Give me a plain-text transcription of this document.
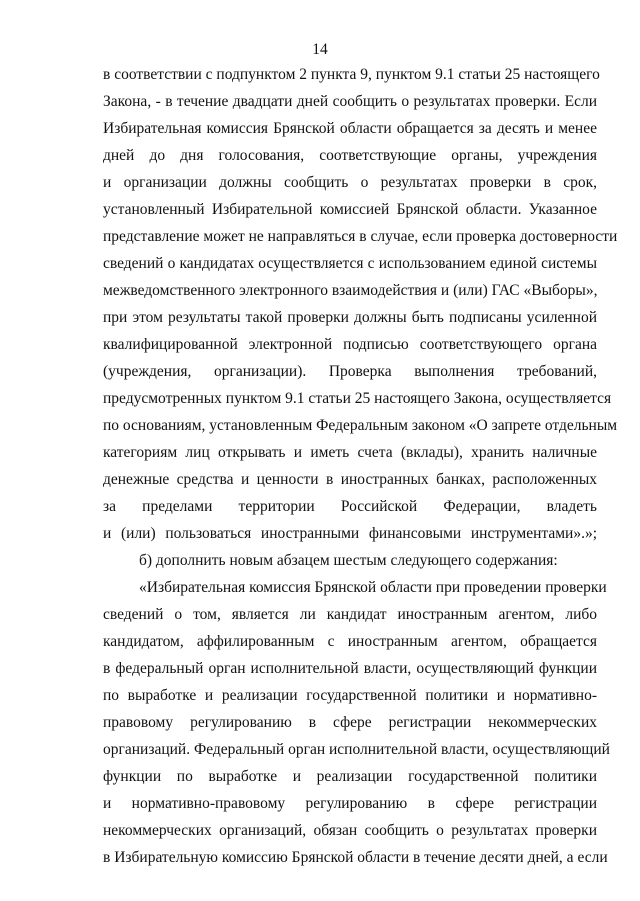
14
в соответствии с подпунктом 2 пункта 9, пунктом 9.1 статьи 25 настоящего
Закона, - в течение двадцати дней сообщить о результатах проверки. Если
Избирательная комиссия Брянской области обращается за десять и менее
дней до дня голосования, соответствующие органы, учреждения
и организации должны сообщить о результатах проверки в срок,
установленный Избирательной комиссией Брянской области. Указанное
представление может не направляться в случае, если проверка достоверности
сведений о кандидатах осуществляется с использованием единой системы
межведомственного электронного взаимодействия и (или) ГАС «Выборы»,
при этом результаты такой проверки должны быть подписаны усиленной
квалифицированной электронной подписью соответствующего органа
(учреждения, организации). Проверка выполнения требований,
предусмотренных пунктом 9.1 статьи 25 настоящего Закона, осуществляется
по основаниям, установленным Федеральным законом «О запрете отдельным
категориям лиц открывать и иметь счета (вклады), хранить наличные
денежные средства и ценности в иностранных банках, расположенных
за пределами территории Российской Федерации, владеть
и (или) пользоваться иностранными финансовыми инструментами».»;
б) дополнить новым абзацем шестым следующего содержания:
«Избирательная комиссия Брянской области при проведении проверки
сведений о том, является ли кандидат иностранным агентом, либо
кандидатом, аффилированным с иностранным агентом, обращается
в федеральный орган исполнительной власти, осуществляющий функции
по выработке и реализации государственной политики и нормативно-
правовому регулированию в сфере регистрации некоммерческих
организаций. Федеральный орган исполнительной власти, осуществляющий
функции по выработке и реализации государственной политики
и нормативно-правовому регулированию в сфере регистрации
некоммерческих организаций, обязан сообщить о результатах проверки
в Избирательную комиссию Брянской области в течение десяти дней, а если
